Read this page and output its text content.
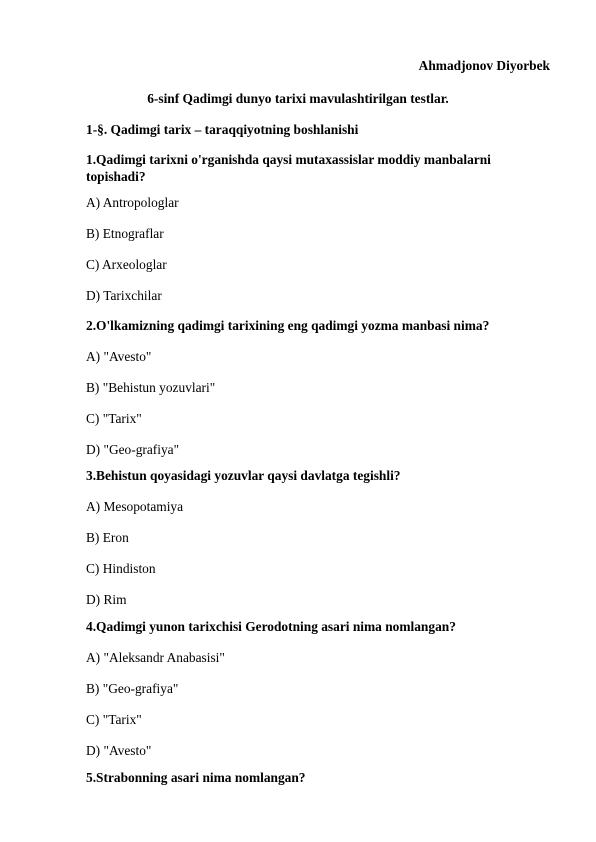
Ahmadjonov Diyorbek
6-sinf Qadimgi dunyo tarixi mavulashtirilgan testlar.
1-§. Qadimgi tarix – taraqqiyotning boshlanishi
1.Qadimgi tarixni o'rganishda qaysi mutaxassislar moddiy manbalarni topishadi?
A) Antropologlar
B) Etnograflar
C) Arxeologlar
D) Tarixchilar
2.O'lkamizning qadimgi tarixining eng qadimgi yozma manbasi nima?
A) "Avesto"
B) "Behistun yozuvlari"
C) "Tarix"
D) "Geo-grafiya"
3.Behistun qoyasidagi yozuvlar qaysi davlatga tegishli?
A) Mesopotamiya
B) Eron
C) Hindiston
D) Rim
4.Qadimgi yunon tarixchisi Gerodotning asari nima nomlangan?
A) "Aleksandr Anabasisi"
B) "Geo-grafiya"
C) "Tarix"
D) "Avesto"
5.Strabonning asari nima nomlangan?
